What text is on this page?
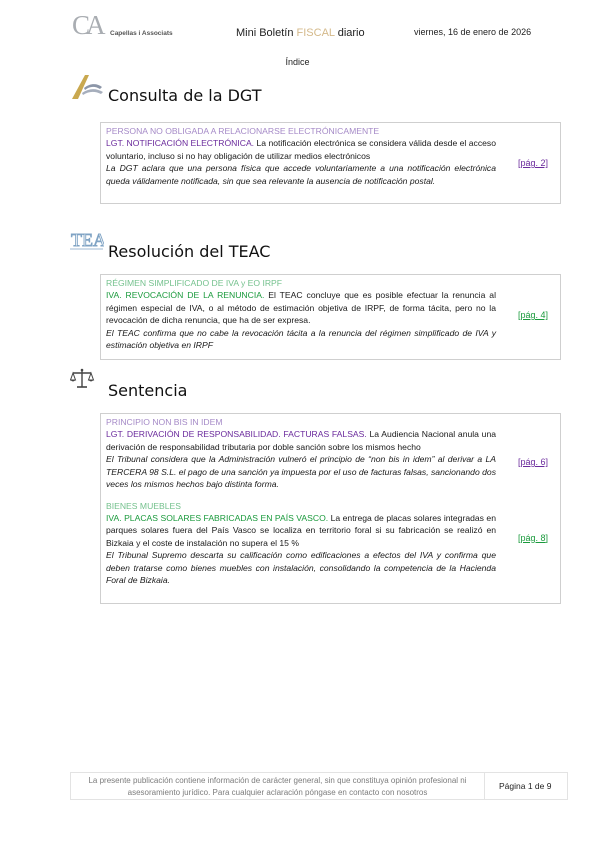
CA Capellas i Associats	Mini Boletín FISCAL diario	viernes, 16 de enero de 2026
Índice
Consulta de la DGT
PERSONA NO OBLIGADA A RELACIONARSE ELECTRÓNICAMENTE
LGT. NOTIFICACIÓN ELECTRÓNICA. La notificación electrónica se considera válida desde el acceso voluntario, incluso si no hay obligación de utilizar medios electrónicos
La DGT aclara que una persona física que accede voluntariamente a una notificación electrónica queda válidamente notificada, sin que sea relevante la ausencia de notificación postal.
[pág. 2]
TEA
Resolución del TEAC
RÉGIMEN SIMPLIFICADO DE IVA y EO IRPF
IVA. REVOCACIÓN DE LA RENUNCIA. El TEAC concluye que es posible efectuar la renuncia al régimen especial de IVA, o al método de estimación objetiva de IRPF, de forma tácita, pero no la revocación de dicha renuncia, que ha de ser expresa.
El TEAC confirma que no cabe la revocación tácita a la renuncia del régimen simplificado de IVA y estimación objetiva en IRPF
[pág. 4]
Sentencia
PRINCIPIO NON BIS IN IDEM
LGT. DERIVACIÓN DE RESPONSABILIDAD. FACTURAS FALSAS. La Audiencia Nacional anula una derivación de responsabilidad tributaria por doble sanción sobre los mismos hecho
El Tribunal considera que la Administración vulneró el principio de “non bis in idem” al derivar a LA TERCERA 98 S.L. el pago de una sanción ya impuesta por el uso de facturas falsas, sancionando dos veces los mismos hechos bajo distinta forma.
[pág. 6]
BIENES MUEBLES
IVA. PLACAS SOLARES FABRICADAS EN PAÍS VASCO. La entrega de placas solares integradas en parques solares fuera del País Vasco se localiza en territorio foral si su fabricación se realizó en Bizkaia y el coste de instalación no supera el 15 %
El Tribunal Supremo descarta su calificación como edificaciones a efectos del IVA y confirma que deben tratarse como bienes muebles con instalación, consolidando la competencia de la Hacienda Foral de Bizkaia.
[pág. 8]
La presente publicación contiene información de carácter general, sin que constituya opinión profesional ni asesoramiento jurídico. Para cualquier aclaración póngase en contacto con nosotros
Página 1 de 9
